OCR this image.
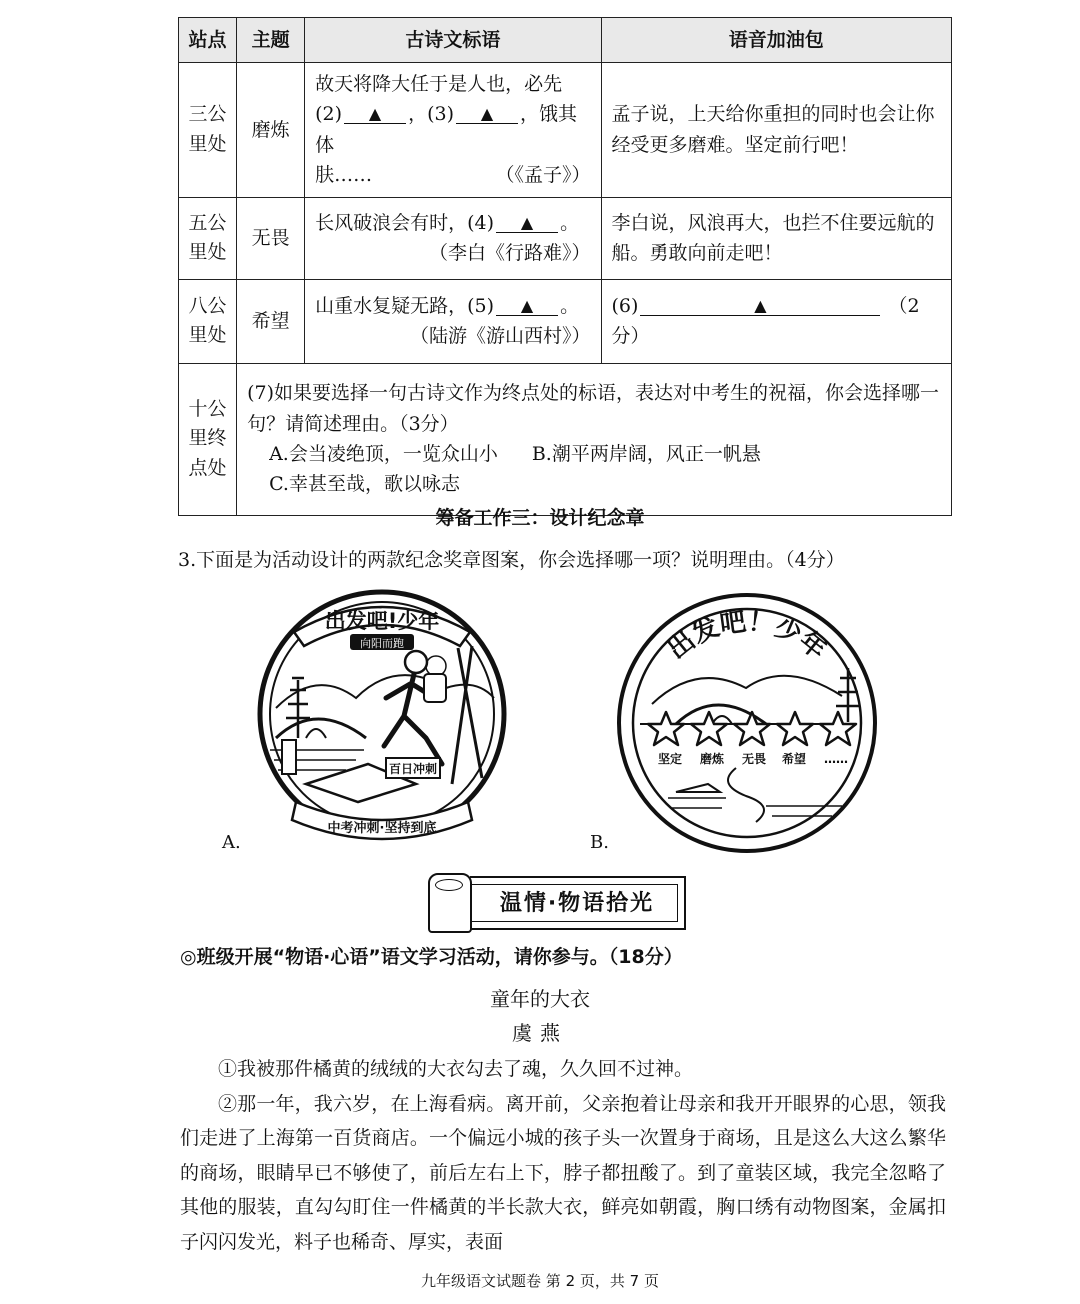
站点	主题	古诗文标语	语音加油包
三公里处	磨炼	故天将降大任于是人也，必先
(2) ▲ ，(3) ▲ ，饿其体
肤…… （《孟子》）	孟子说，上天给你重担的同时也会让你经受更多磨难。坚定前行吧！
五公里处	无畏	长风破浪会有时，(4) ▲ 。
（李白《行路难》）	李白说，风浪再大，也拦不住要远航的船。勇敢向前走吧！
八公里处	希望	山重水复疑无路，(5) ▲ 。
（陆游《游山西村》）	(6) ▲ （2分）
十公里终点处	(7)如果要选择一句古诗文作为终点处的标语，表达对中考生的祝福，你会选择哪一句？请简述理由。（3分）

A.会当凌绝顶，一览众山小 B.潮平两岸阔，风正一帆悬

C.幸甚至哉，歌以咏志		

筹备工作三：设计纪念章
3.下面是为活动设计的两款纪念奖章图案，你会选择哪一项？说明理由。（4分）
出发吧!少年
向阳而跑
百日冲刺
中考冲刺·坚持到底
A.
出发吧！少年
坚定 磨炼 无畏 希望 ……
B.
温情·物语拾光
◎班级开展“物语·心语”语文学习活动，请你参与。（18分）
童年的大衣
虞燕

①我被那件橘黄的绒绒的大衣勾去了魂，久久回不过神。

②那一年，我六岁，在上海看病。离开前，父亲抱着让母亲和我开开眼界的心思，领我们走进了上海第一百货商店。一个偏远小城的孩子头一次置身于商场，且是这么大这么繁华的商场，眼睛早已不够使了，前后左右上下，脖子都扭酸了。到了童装区域，我完全忽略了其他的服装，直勾勾盯住一件橘黄的半长款大衣，鲜亮如朝霞，胸口绣有动物图案，金属扣子闪闪发光，料子也稀奇、厚实，表面

九年级语文试题卷 第 2 页，共 7 页
